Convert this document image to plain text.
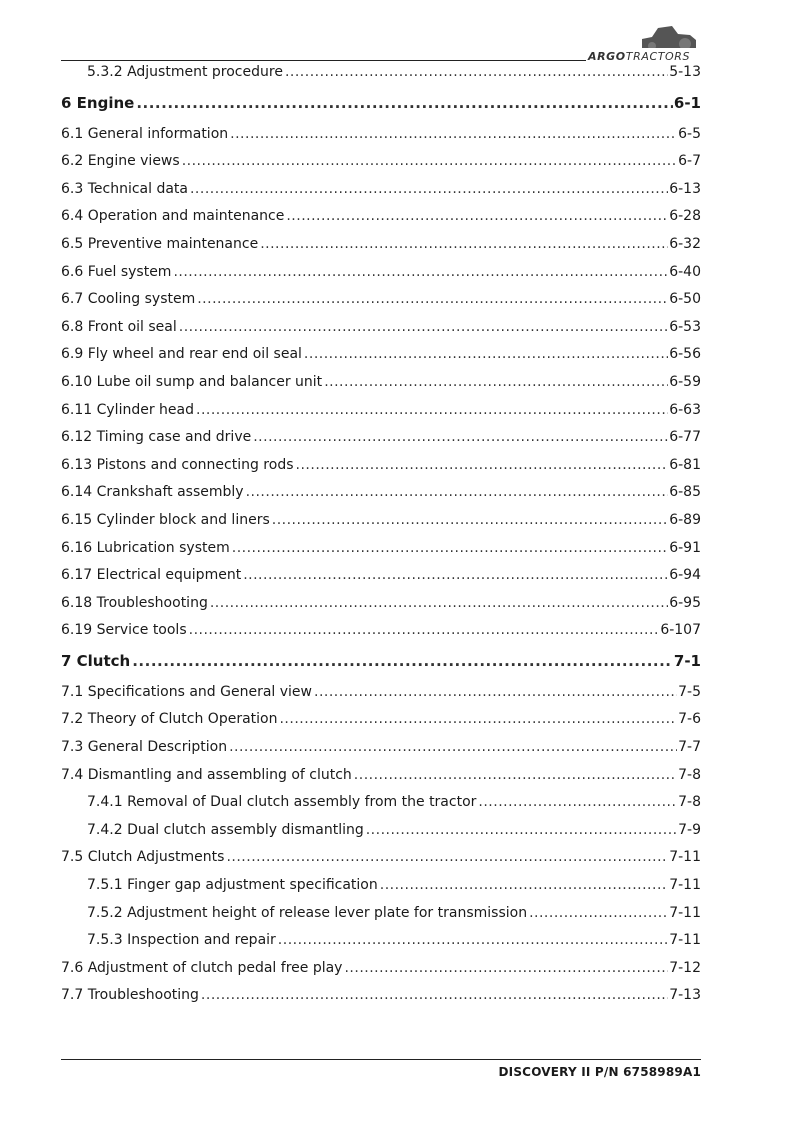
ARGOTRACTORS
5.3.2 Adjustment procedure .....	5-13
6 Engine .....	6-1
6.1 General information .....	6-5
6.2 Engine views .....	6-7
6.3 Technical data .....	6-13
6.4 Operation and maintenance .....	6-28
6.5 Preventive maintenance .....	6-32
6.6 Fuel system .....	6-40
6.7 Cooling system .....	6-50
6.8 Front oil seal .....	6-53
6.9 Fly wheel and rear end oil seal .....	6-56
6.10 Lube oil sump and balancer unit .....	6-59
6.11 Cylinder head .....	6-63
6.12 Timing case and drive .....	6-77
6.13 Pistons and connecting rods .....	6-81
6.14 Crankshaft assembly .....	6-85
6.15 Cylinder block and liners .....	6-89
6.16 Lubrication system .....	6-91
6.17 Electrical equipment .....	6-94
6.18 Troubleshooting .....	6-95
6.19 Service tools .....	6-107
7 Clutch .....	7-1
7.1 Specifications and General view .....	7-5
7.2 Theory of Clutch Operation .....	7-6
7.3 General Description .....	7-7
7.4 Dismantling and assembling of clutch .....	7-8
7.4.1 Removal of Dual clutch assembly from the tractor .....	7-8
7.4.2 Dual clutch assembly dismantling .....	7-9
7.5 Clutch Adjustments .....	7-11
7.5.1 Finger gap adjustment specification .....	7-11
7.5.2 Adjustment height of release lever plate for transmission .....	7-11
7.5.3 Inspection and repair .....	7-11
7.6 Adjustment of clutch pedal free play .....	7-12
7.7 Troubleshooting .....	7-13
DISCOVERY II P/N 6758989A1
